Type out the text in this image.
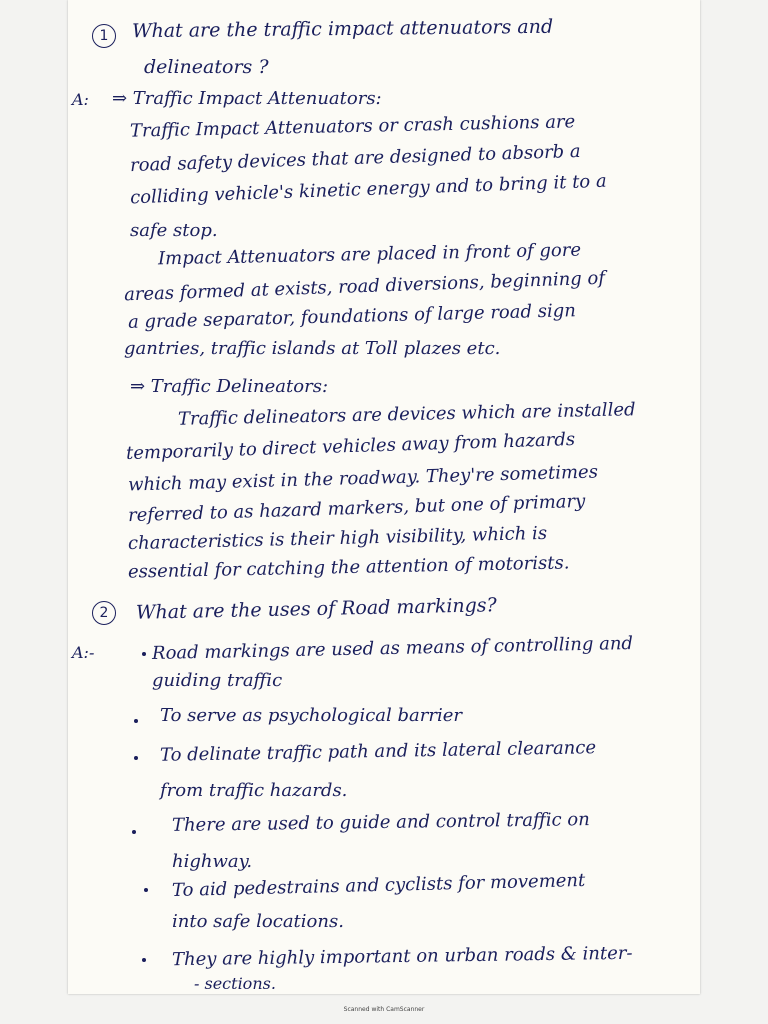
1	What are the traffic impact attenuators and
delineators ?
A: ⇒ Traffic Impact Attenuators:
Traffic Impact Attenuators or crash cushions are
road safety devices that are designed to absorb a
colliding vehicle's kinetic energy and to bring it to a
safe stop.
Impact Attenuators are placed in front of gore
areas formed at exists, road diversions, beginning of
a grade separator, foundations of large road sign
gantries, traffic islands at Toll plazes etc.
⇒ Traffic Delineators:
Traffic delineators are devices which are installed
temporarily to direct vehicles away from hazards
which may exist in the roadway. They're sometimes
referred to as hazard markers, but one of primary
characteristics is their high visibility, which is
essential for catching the attention of motorists.
2	What are the uses of Road markings?
A:-	Road markings are used as means of controlling and
guiding traffic
To serve as psychological barrier
To delinate traffic path and its lateral clearance
from traffic hazards.
There are used to guide and control traffic on
highway.
To aid pedestrains and cyclists for movement
into safe locations.
They are highly important on urban roads & inter-
- sections.
Scanned with CamScanner
